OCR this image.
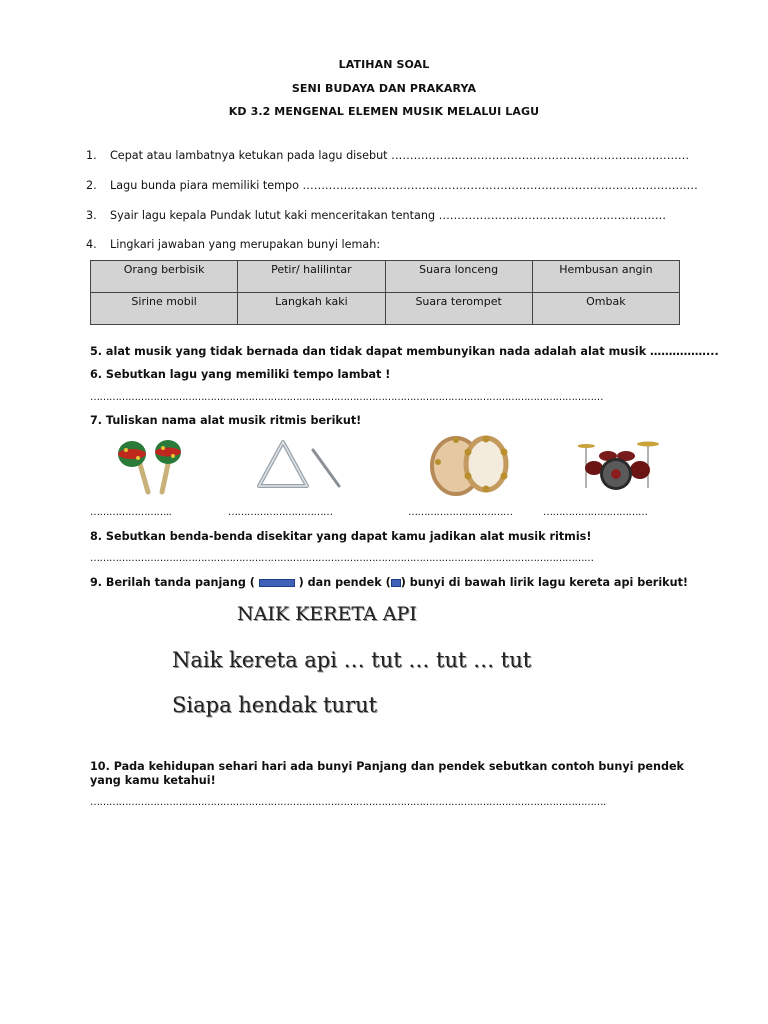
LATIHAN SOAL
SENI BUDAYA DAN PRAKARYA
KD 3.2 MENGENAL ELEMEN MUSIK MELALUI LAGU
1. Cepat atau lambatnya ketukan pada lagu disebut ………………………………………………………..……………
2. Lagu bunda piara memiliki tempo …………………………………………………………………………………………….
3. Syair lagu kepala Pundak lutut kaki menceritakan tentang …………………………………………………….
4. Lingkari jawaban yang merupakan bunyi lemah:
Orang berbisik	Petir/ halilintar	Suara lonceng	Hembusan angin
Sirine mobil	Langkah kaki	Suara terompet	Ombak
5. alat musik yang tidak bernada dan tidak dapat membunyikan nada adalah alat musik ……………...
6. Sebutkan lagu yang memiliki tempo lambat !
………………………………………………………………………………………………………………………………………………
7. Tuliskan nama alat musik ritmis berikut!
……………………..	……………………………	……………………………	……………………………
8. Sebutkan benda-benda disekitar yang dapat kamu jadikan alat musik ritmis!
……………………………………………………………………………………………………………………………………………
9. Berilah tanda panjang (	) dan pendek ( ) bunyi di bawah lirik lagu kereta api berikut!
NAIK KERETA API
Naik kereta api … tut … tut … tut
Siapa hendak turut
10. Pada kehidupan sehari hari ada bunyi Panjang dan pendek sebutkan contoh bunyi pendek
yang kamu ketahui!
……………………………………………………………………………………………………………………………………………….
